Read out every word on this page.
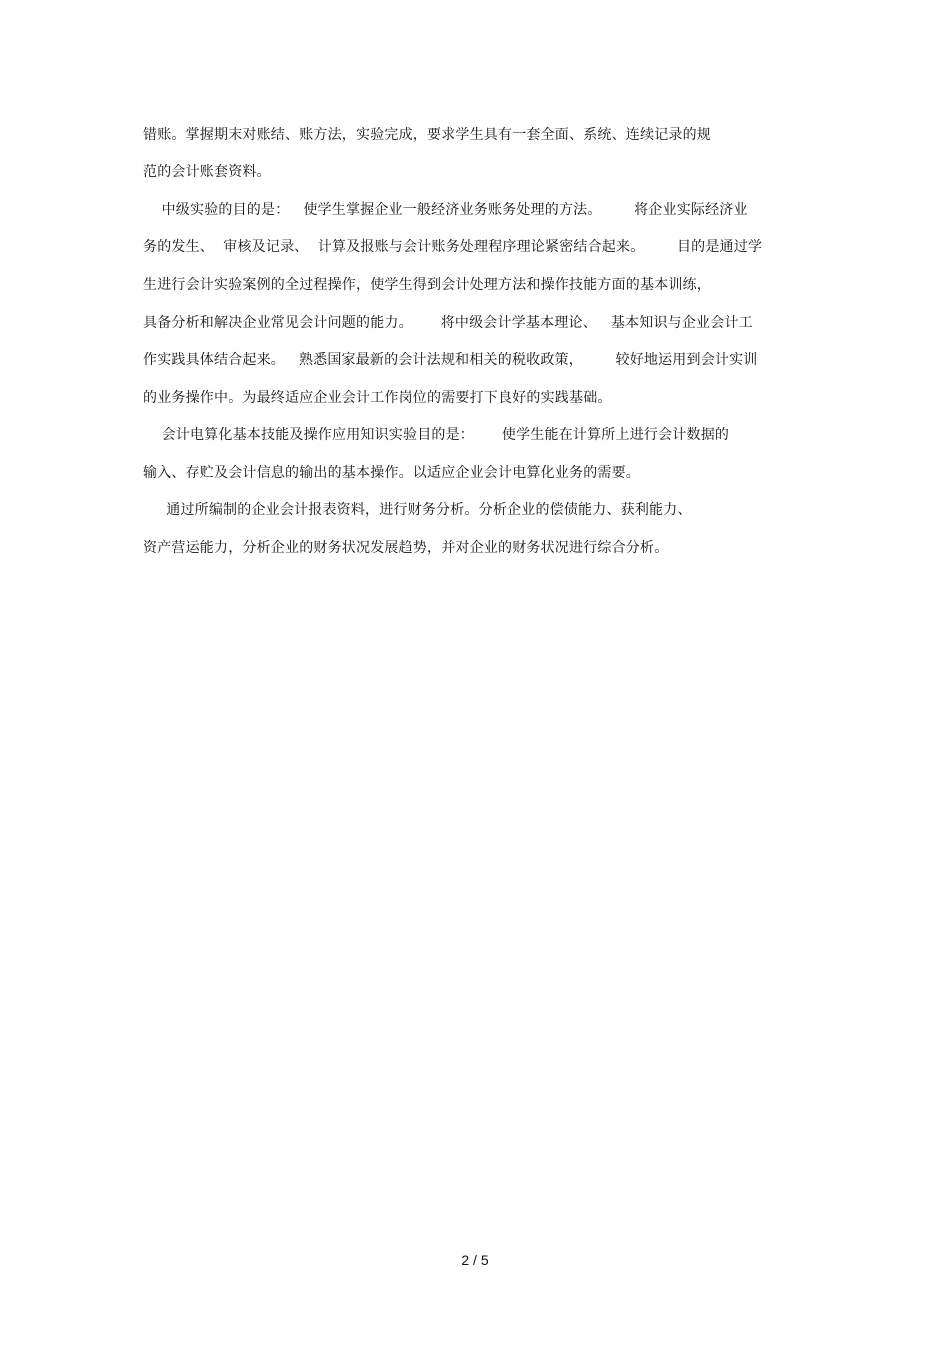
错账。掌握期末对账结、账方法，实验完成，要求学生具有一套全面、系统、连续记录的规
范的会计账套资料。
中级实验的目的是：   使学生掌握企业一般经济业务账务处理的方法。       将企业实际经济业
务的发生、  审核及记录、  计算及报账与会计账务处理程序理论紧密结合起来。       目的是通过学
生进行会计实验案例的全过程操作，使学生得到会计处理方法和操作技能方面的基本训练，
具备分析和解决企业常见会计问题的能力。      将中级会计学基本理论、   基本知识与企业会计工
作实践具体结合起来。   熟悉国家最新的会计法规和相关的税收政策，       较好地运用到会计实训
的业务操作中。为最终适应企业会计工作岗位的需要打下良好的实践基础。
会计电算化基本技能及操作应用知识实验目的是：      使学生能在计算所上进行会计数据的
输入、存贮及会计信息的输出的基本操作。以适应企业会计电算化业务的需要。
通过所编制的企业会计报表资料，进行财务分析。分析企业的偿债能力、获利能力、
资产营运能力，分析企业的财务状况发展趋势，并对企业的财务状况进行综合分析。
2 / 5
